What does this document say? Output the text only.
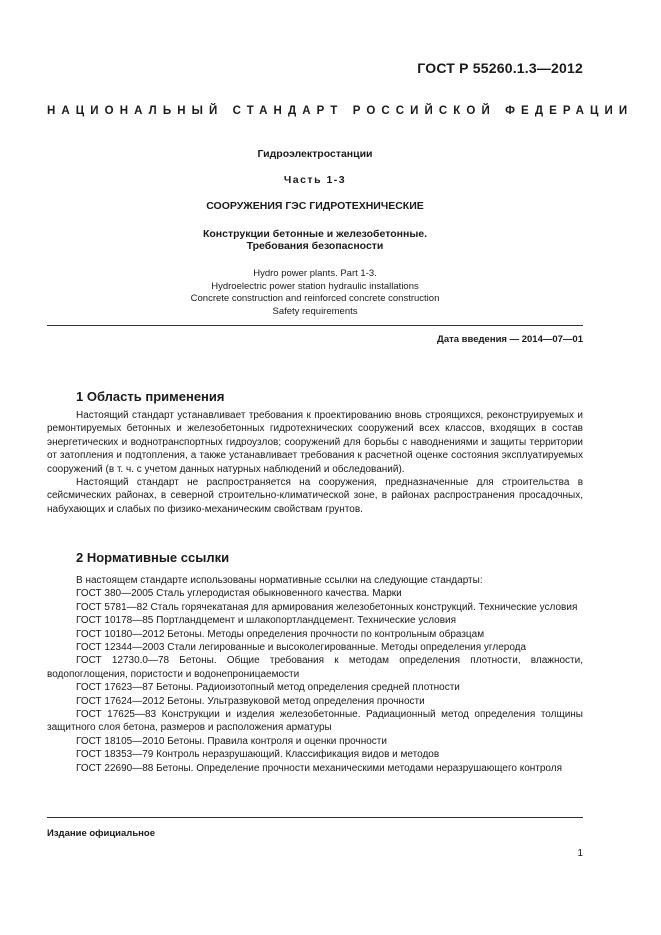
ГОСТ Р 55260.1.3—2012
НАЦИОНАЛЬНЫЙ СТАНДАРТ РОССИЙСКОЙ ФЕДЕРАЦИИ
Гидроэлектростанции
Часть 1-3
СООРУЖЕНИЯ ГЭС ГИДРОТЕХНИЧЕСКИЕ
Конструкции бетонные и железобетонные.
Требования безопасности
Hydro power plants. Part 1-3.
Hydroelectric power station hydraulic installations
Concrete construction and reinforced concrete construction
Safety requirements
Дата введения — 2014—07—01
1 Область применения

Настоящий стандарт устанавливает требования к проектированию вновь строящихся, реконструируемых и ремонтируемых бетонных и железобетонных гидротехнических сооружений всех классов, входящих в состав энергетических и воднотранспортных гидроузлов; сооружений для борьбы с наводнениями и защиты территории от затопления и подтопления, а также устанавливает требования к расчетной оценке состояния эксплуатируемых сооружений (в т. ч. с учетом данных натурных наблюдений и обследований).

Настоящий стандарт не распространяется на сооружения, предназначенные для строительства в сейсмических районах, в северной строительно-климатической зоне, в районах распространения просадочных, набухающих и слабых по физико-механическим свойствам грунтов.

2 Нормативные ссылки

В настоящем стандарте использованы нормативные ссылки на следующие стандарты:

ГОСТ 380—2005 Сталь углеродистая обыкновенного качества. Марки

ГОСТ 5781—82 Сталь горячекатаная для армирования железобетонных конструкций. Технические условия

ГОСТ 10178—85 Портландцемент и шлакопортландцемент. Технические условия

ГОСТ 10180—2012 Бетоны. Методы определения прочности по контрольным образцам

ГОСТ 12344—2003 Стали легированные и высоколегированные. Методы определения углерода

ГОСТ 12730.0—78 Бетоны. Общие требования к методам определения плотности, влажности, водопоглощения, пористости и водонепроницаемости

ГОСТ 17623—87 Бетоны. Радиоизотопный метод определения средней плотности

ГОСТ 17624—2012 Бетоны. Ультразвуковой метод определения прочности

ГОСТ 17625—83 Конструкции и изделия железобетонные. Радиационный метод определения толщины защитного слоя бетона, размеров и расположения арматуры

ГОСТ 18105—2010 Бетоны. Правила контроля и оценки прочности

ГОСТ 18353—79 Контроль неразрушающий. Классификация видов и методов

ГОСТ 22690—88 Бетоны. Определение прочности механическими методами неразрушающего контроля

Издание официальное
1
